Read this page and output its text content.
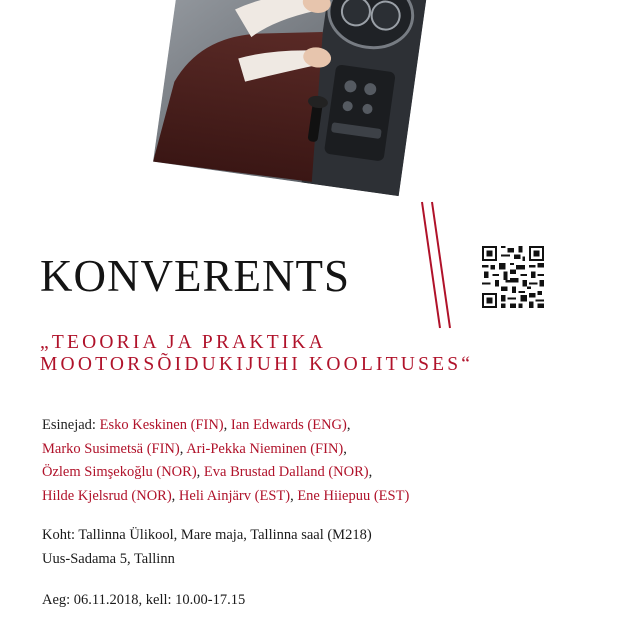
KONVERENTS
„TEOORIA JA PRAKTIKA
MOOTORSÕIDUKIJUHI KOOLITUSES“
Esinejad: Esko Keskinen (FIN), Ian Edwards (ENG),
Marko Susimetsä (FIN), Ari-Pekka Nieminen (FIN),
Özlem Simşekoğlu (NOR), Eva Brustad Dalland (NOR),
Hilde Kjelsrud (NOR), Heli Ainjärv (EST), Ene Hiiepuu (EST)
Koht: Tallinna Ülikool, Mare maja, Tallinna saal (M218)
Uus-Sadama 5, Tallinn
Aeg: 06.11.2018, kell: 10.00-17.15
